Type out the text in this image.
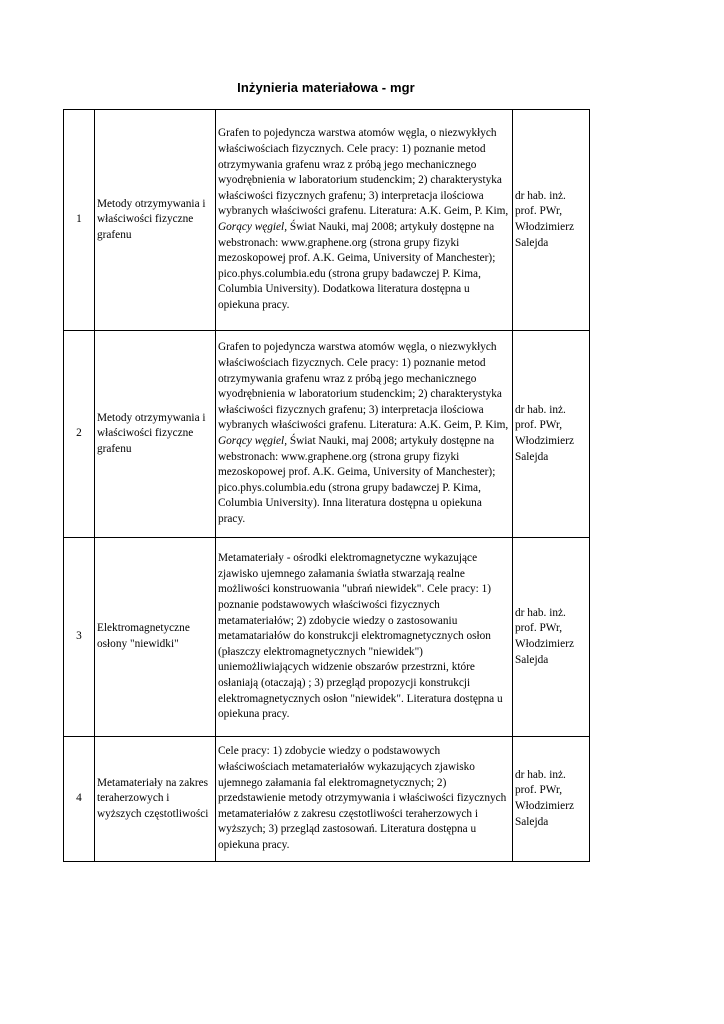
Inżynieria materiałowa - mgr
1	Metody otrzymywania i właściwości fizyczne grafenu	Grafen to pojedyncza warstwa atomów węgla, o niezwykłych właściwościach fizycznych. Cele pracy: 1) poznanie metod otrzymywania grafenu wraz z próbą jego mechanicznego wyodrębnienia w laboratorium studenckim; 2) charakterystyka właściwości fizycznych grafenu; 3) interpretacja ilościowa wybranych właściwości grafenu. Literatura: A.K. Geim, P. Kim, Gorący węgiel, Świat Nauki, maj 2008; artykuły dostępne na webstronach: www.graphene.org (strona grupy fizyki mezoskopowej prof. A.K. Geima, University of Manchester); pico.phys.columbia.edu (strona grupy badawczej P. Kima, Columbia University). Dodatkowa literatura dostępna u opiekuna pracy.	dr hab. inż. prof. PWr, Włodzimierz Salejda
2	Metody otrzymywania i właściwości fizyczne grafenu	Grafen to pojedyncza warstwa atomów węgla, o niezwykłych właściwościach fizycznych. Cele pracy: 1) poznanie metod otrzymywania grafenu wraz z próbą jego mechanicznego wyodrębnienia w laboratorium studenckim; 2) charakterystyka właściwości fizycznych grafenu; 3) interpretacja ilościowa wybranych właściwości grafenu. Literatura: A.K. Geim, P. Kim, Gorący węgiel, Świat Nauki, maj 2008; artykuły dostępne na webstronach: www.graphene.org (strona grupy fizyki mezoskopowej prof. A.K. Geima, University of Manchester); pico.phys.columbia.edu (strona grupy badawczej P. Kima, Columbia University). Inna literatura dostępna u opiekuna pracy.	dr hab. inż. prof. PWr, Włodzimierz Salejda
3	Elektromagnetyczne osłony "niewidki"	Metamateriały - ośrodki elektromagnetyczne wykazujące zjawisko ujemnego załamania światła stwarzają realne możliwości konstruowania "ubrań niewidek". Cele pracy: 1) poznanie podstawowych właściwości fizycznych metamateriałów; 2) zdobycie wiedzy o zastosowaniu metamatariałów do konstrukcji elektromagnetycznych osłon (płaszczy elektromagnetycznych "niewidek") uniemożliwiających widzenie obszarów przestrzni, które osłaniają (otaczają) ; 3) przegląd propozycji konstrukcji elektromagnetycznych osłon "niewidek". Literatura dostępna u opiekuna pracy.	dr hab. inż. prof. PWr, Włodzimierz Salejda
4	Metamateriały na zakres teraherzowych i wyższych częstotliwości	Cele pracy: 1) zdobycie wiedzy o podstawowych właściwościach metamateriałów wykazujących zjawisko ujemnego załamania fal elektromagnetycznych; 2) przedstawienie metody otrzymywania i właściwości fizycznych metamateriałów z zakresu częstotliwości teraherzowych i wyższych; 3) przegląd zastosowań. Literatura dostępna u opiekuna pracy.	dr hab. inż. prof. PWr, Włodzimierz Salejda
